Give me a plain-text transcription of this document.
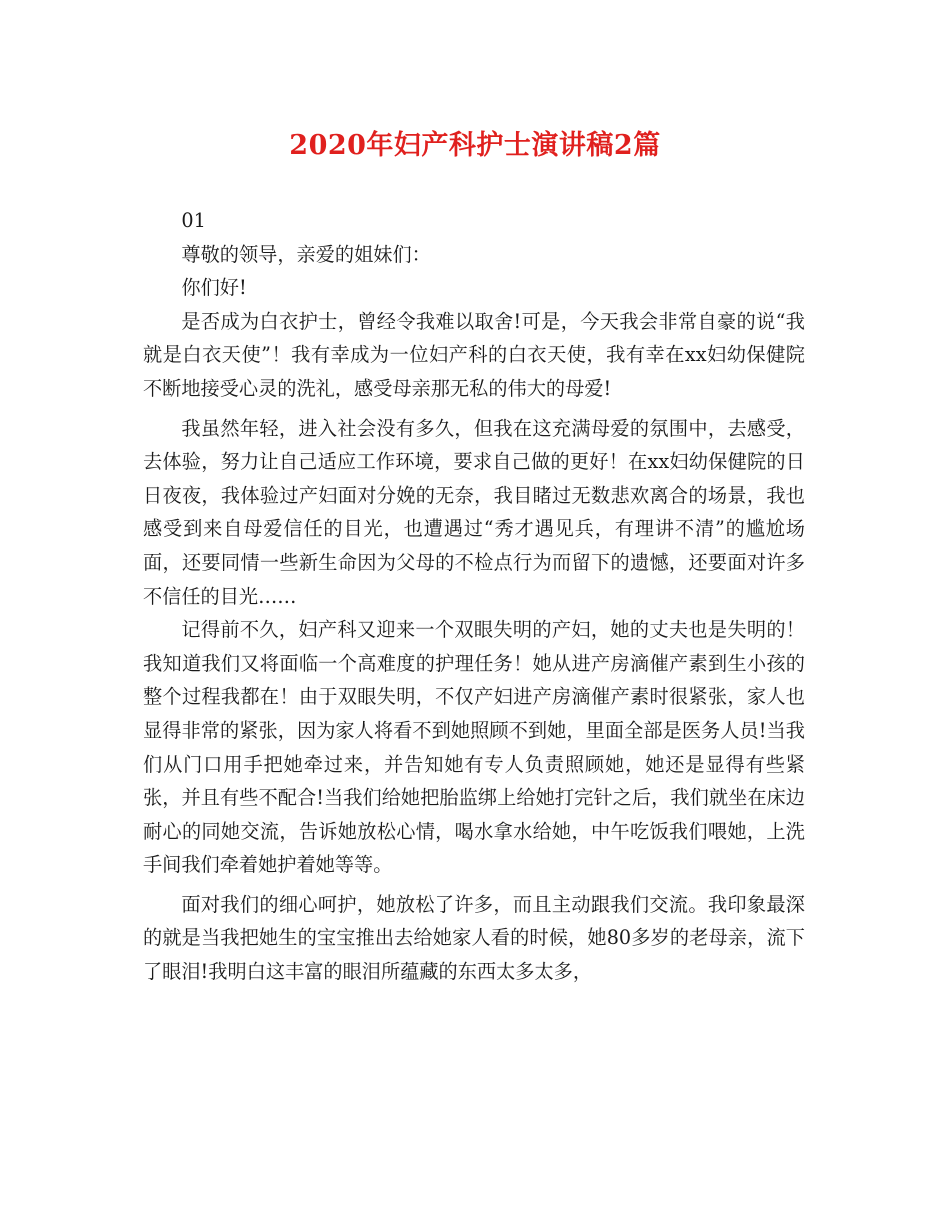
2020年妇产科护士演讲稿2篇

01

尊敬的领导，亲爱的姐妹们：

你们好!

是否成为白衣护士，曾经令我难以取舍!可是，今天我会非常自豪的说“我就是白衣天使”！我有幸成为一位妇产科的白衣天使，我有幸在xx妇幼保健院不断地接受心灵的洗礼，感受母亲那无私的伟大的母爱!

我虽然年轻，进入社会没有多久，但我在这充满母爱的氛围中，去感受，去体验，努力让自己适应工作环境，要求自己做的更好！在xx妇幼保健院的日日夜夜，我体验过产妇面对分娩的无奈，我目睹过无数悲欢离合的场景，我也感受到来自母爱信任的目光，也遭遇过“秀才遇见兵，有理讲不清”的尴尬场面，还要同情一些新生命因为父母的不检点行为而留下的遗憾，还要面对许多不信任的目光……

记得前不久，妇产科又迎来一个双眼失明的产妇，她的丈夫也是失明的！我知道我们又将面临一个高难度的护理任务！她从进产房滴催产素到生小孩的整个过程我都在！由于双眼失明，不仅产妇进产房滴催产素时很紧张，家人也显得非常的紧张，因为家人将看不到她照顾不到她，里面全部是医务人员!当我们从门口用手把她牵过来，并告知她有专人负责照顾她，她还是显得有些紧张，并且有些不配合!当我们给她把胎监绑上给她打完针之后，我们就坐在床边耐心的同她交流，告诉她放松心情，喝水拿水给她，中午吃饭我们喂她，上洗手间我们牵着她护着她等等。

面对我们的细心呵护，她放松了许多，而且主动跟我们交流。我印象最深的就是当我把她生的宝宝推出去给她家人看的时候，她80多岁的老母亲，流下了眼泪!我明白这丰富的眼泪所蕴藏的东西太多太多，
